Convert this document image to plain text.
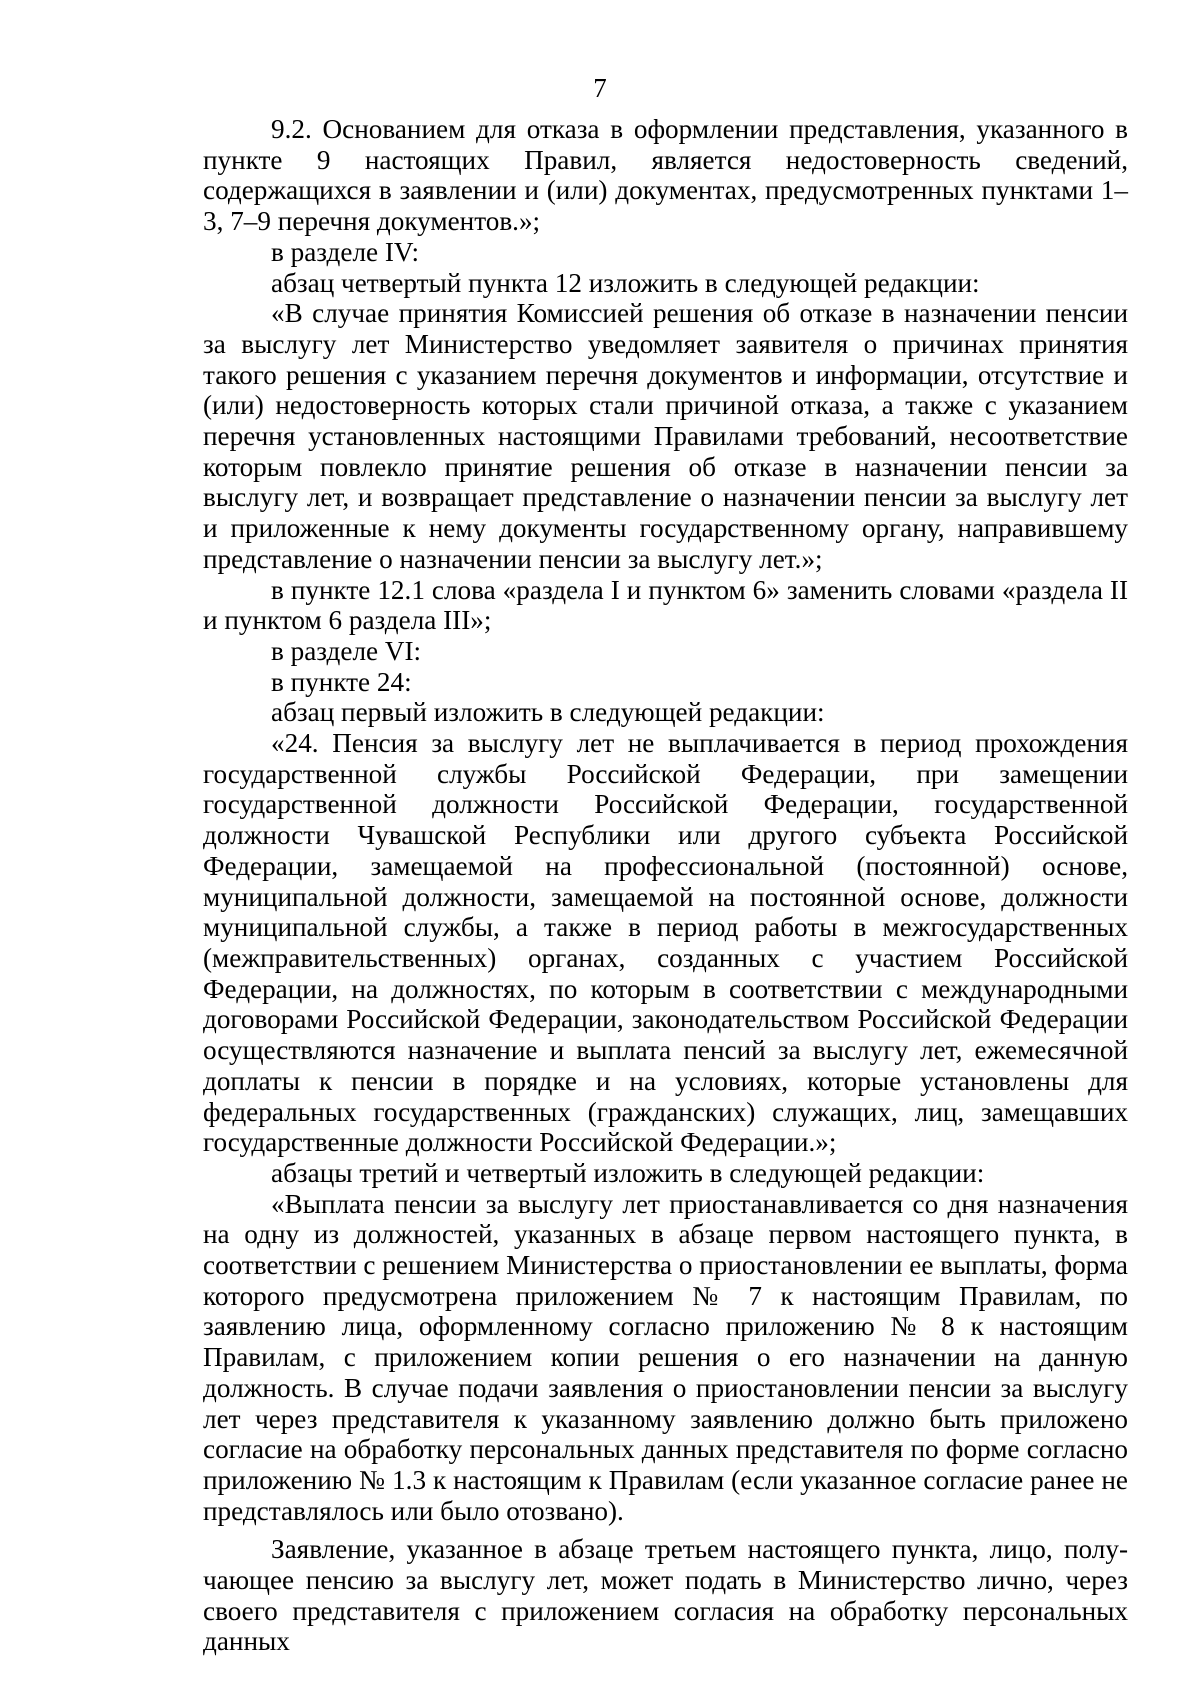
7

9.2. Основанием для отказа в оформлении представления, указанного в пункте 9 настоящих Правил, является недостоверность сведений, содержащихся в заявлении и (или) документах, предусмотренных пунктами 1–3, 7–9 перечня документов.»;

в разделе IV:

абзац четвертый пункта 12 изложить в следующей редакции:

«В случае принятия Комиссией решения об отказе в назначении пенсии за выслугу лет Министерство уведомляет заявителя о причинах принятия такого решения с указанием перечня документов и информации, отсутствие и (или) недостоверность которых стали причиной отказа, а также с указанием перечня установленных настоящими Правилами требований, несоответствие которым повлекло принятие решения об отказе в назначении пенсии за выслугу лет, и возвращает представление о назначении пенсии за выслугу лет и приложенные к нему документы государственному органу, направившему представление о назначении пенсии за выслугу лет.»;

в пункте 12.1 слова «раздела I и пунктом 6» заменить словами «раздела II и пунктом 6 раздела III»;

в разделе VI:

в пункте 24:

абзац первый изложить в следующей редакции:

«24. Пенсия за выслугу лет не выплачивается в период прохождения государственной службы Российской Федерации, при замещении государственной должности Российской Федерации, государственной должности Чувашской Республики или другого субъекта Российской Федерации, замещаемой на профессиональной (постоянной) основе, муниципальной должности, замещаемой на постоянной основе, должности муниципальной службы, а также в период работы в межгосударственных (межправительственных) органах, созданных с участием Российской Федерации, на должностях, по которым в соответствии с международными договорами Российской Федерации, законодательством Российской Федерации осуществляются назначение и выплата пенсий за выслугу лет, ежемесячной доплаты к пенсии в порядке и на условиях, которые установлены для федеральных государственных (гражданских) служащих, лиц, замещавших государственные должности Российской Федерации.»;

абзацы третий и четвертый изложить в следующей редакции:

«Выплата пенсии за выслугу лет приостанавливается со дня назначения на одну из должностей, указанных в абзаце первом настоящего пункта, в соответствии с решением Министерства о приостановлении ее выплаты, форма которого предусмотрена приложением № 7 к настоящим Правилам, по заявлению лица, оформленному согласно приложению № 8 к настоящим Правилам, с приложением копии решения о его назначении на данную должность. В случае подачи заявления о приостановлении пенсии за выслугу лет через представителя к указанному заявлению должно быть приложено согласие на обработку персональных данных представителя по форме согласно приложению № 1.3 к настоящим к Правилам (если указанное согласие ранее не представлялось или было отозвано).

Заявление, указанное в абзаце третьем настоящего пункта, лицо, получающее пенсию за выслугу лет, может подать в Министерство лично, через своего представителя с приложением согласия на обработку персональных данных
